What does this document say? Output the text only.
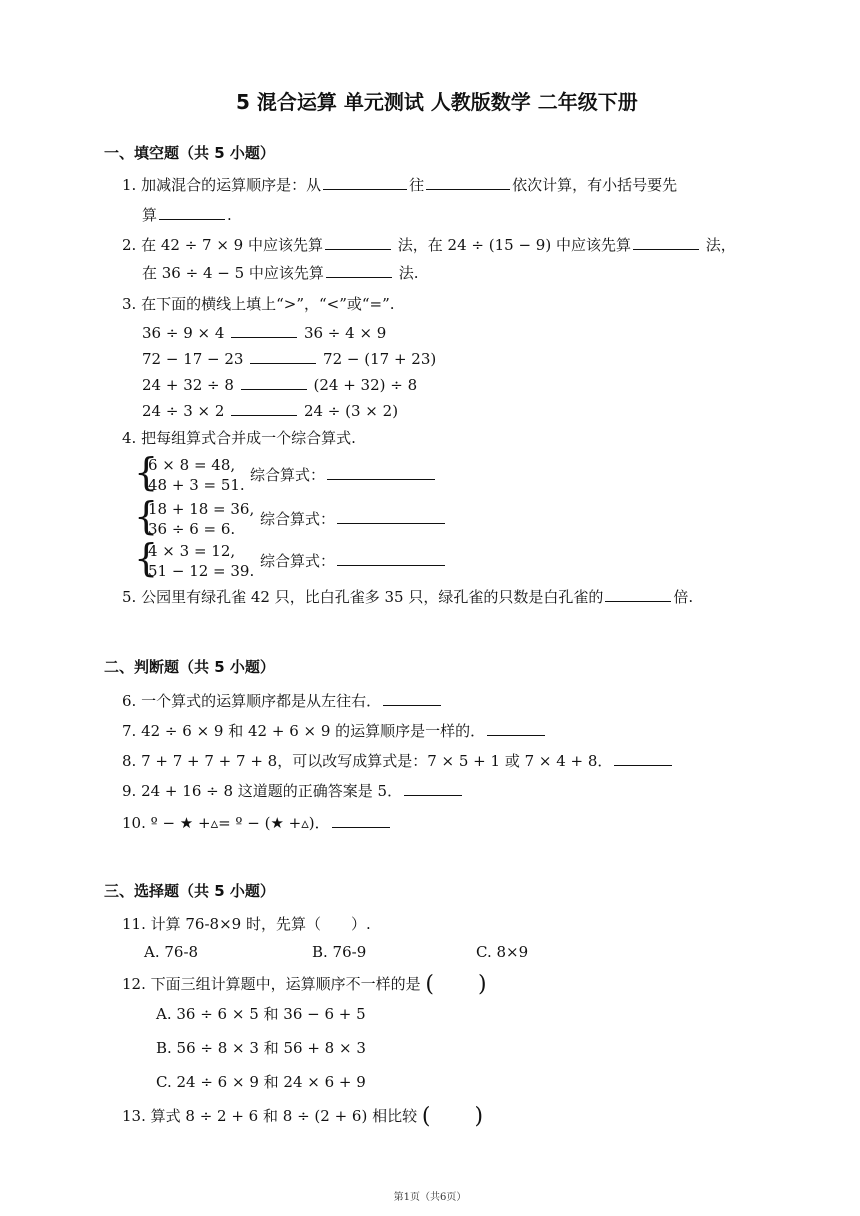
5 混合运算 单元测试 人教版数学 二年级下册
一、填空题（共 5 小题）
1. 加减混合的运算顺序是：从	往	依次计算，有小括号要先
算	.
2. 在 42 ÷ 7 × 9 中应该先算	法，在 24 ÷ (15 − 9) 中应该先算	法，
在 36 ÷ 4 − 5 中应该先算	法.
3. 在下面的横线上填上“>”，“<”或“=”.
36 ÷ 9 × 4	36 ÷ 4 × 9
72 − 17 − 23	72 − (17 + 23)
24 + 32 ÷ 8	(24 + 32) ÷ 8
24 ÷ 3 × 2	24 ÷ (3 × 2)
4. 把每组算式合并成一个综合算式.
{
6 × 8 = 48,
48 + 3 = 51.
综合算式：
{
18 + 18 = 36,
36 ÷ 6 = 6.
综合算式：
{
4 × 3 = 12,
51 − 12 = 39.
综合算式：
5. 公园里有绿孔雀 42 只，比白孔雀多 35 只，绿孔雀的只数是白孔雀的	倍.
二、判断题（共 5 小题）
6. 一个算式的运算顺序都是从左往右．
7. 42 ÷ 6 × 9 和 42 + 6 × 9 的运算顺序是一样的．
8. 7 + 7 + 7 + 7 + 8，可以改写成算式是：7 × 5 + 1 或 7 × 4 + 8．
9. 24 + 16 ÷ 8 这道题的正确答案是 5．
10. º − ★ +▵= º − (★ +▵)．
三、选择题（共 5 小题）
11. 计算 76-8×9 时，先算（　　）.
A. 76-8	B. 76-9	C. 8×9
12. 下面三组计算题中，运算顺序不一样的是 (　　)
A. 36 ÷ 6 × 5 和 36 − 6 + 5
B. 56 ÷ 8 × 3 和 56 + 8 × 3
C. 24 ÷ 6 × 9 和 24 × 6 + 9
13. 算式 8 ÷ 2 + 6 和 8 ÷ (2 + 6) 相比较 (　　)
第1页（共6页）
